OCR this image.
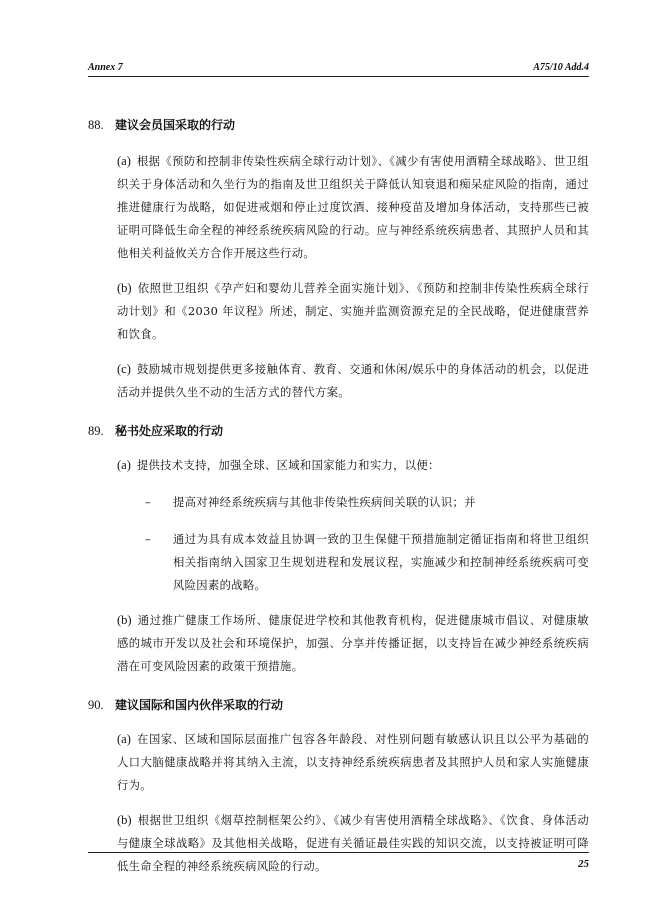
Annex 7	A75/10 Add.4
88. 建议会员国采取的行动
(a) 根据《预防和控制非传染性疾病全球行动计划》、《减少有害使用酒精全球战略》、世卫组织关于身体活动和久坐行为的指南及世卫组织关于降低认知衰退和痴呆症风险的指南，通过推进健康行为战略，如促进戒烟和停止过度饮酒、接种疫苗及增加身体活动，支持那些已被证明可降低生命全程的神经系统疾病风险的行动。应与神经系统疾病患者、其照护人员和其他相关利益攸关方合作开展这些行动。
(b) 依照世卫组织《孕产妇和婴幼儿营养全面实施计划》、《预防和控制非传染性疾病全球行动计划》和《2030 年议程》所述，制定、实施并监测资源充足的全民战略，促进健康营养和饮食。
(c) 鼓励城市规划提供更多接触体育、教育、交通和休闲/娱乐中的身体活动的机会，以促进活动并提供久坐不动的生活方式的替代方案。
89. 秘书处应采取的行动
(a) 提供技术支持，加强全球、区域和国家能力和实力，以便：
–	提高对神经系统疾病与其他非传染性疾病间关联的认识；并
–	通过为具有成本效益且协调一致的卫生保健干预措施制定循证指南和将世卫组织相关指南纳入国家卫生规划进程和发展议程，实施减少和控制神经系统疾病可变风险因素的战略。
(b) 通过推广健康工作场所、健康促进学校和其他教育机构，促进健康城市倡议、对健康敏感的城市开发以及社会和环境保护，加强、分享并传播证据，以支持旨在减少神经系统疾病潜在可变风险因素的政策干预措施。
90. 建议国际和国内伙伴采取的行动
(a) 在国家、区域和国际层面推广包容各年龄段、对性别问题有敏感认识且以公平为基础的人口大脑健康战略并将其纳入主流，以支持神经系统疾病患者及其照护人员和家人实施健康行为。
(b) 根据世卫组织《烟草控制框架公约》、《减少有害使用酒精全球战略》、《饮食、身体活动与健康全球战略》及其他相关战略，促进有关循证最佳实践的知识交流，以支持被证明可降低生命全程的神经系统疾病风险的行动。	25
